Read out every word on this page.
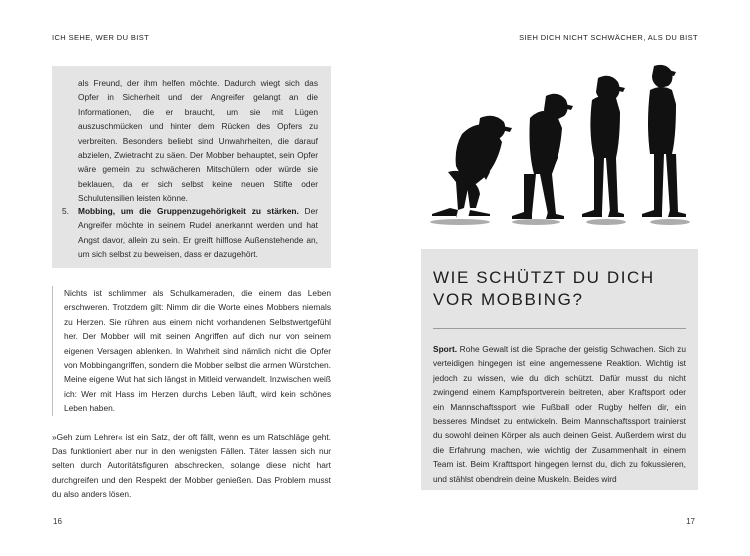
ICH SEHE, WER DU BIST	SIEH DICH NICHT SCHWÄCHER, ALS DU BIST
als Freund, der ihm helfen möchte. Dadurch wiegt sich das Opfer in Sicherheit und der Angreifer gelangt an die Informationen, die er braucht, um sie mit Lügen auszuschmücken und hinter dem Rücken des Opfers zu verbreiten. Besonders beliebt sind Unwahrheiten, die darauf abzielen, Zwietracht zu säen. Der Mobber behauptet, sein Opfer wäre gemein zu schwächeren Mitschülern oder würde sie beklauen, da er sich selbst keine neuen Stifte oder Schulutensilien leisten könne.
5.	Mobbing, um die Gruppenzugehörigkeit zu stärken. Der Angreifer möchte in seinem Rudel anerkannt werden und hat Angst davor, allein zu sein. Er greift hilflose Außenstehende an, um sich selbst zu beweisen, dass er dazugehört.
Nichts ist schlimmer als Schulkameraden, die einem das Leben erschweren. Trotzdem gilt: Nimm dir die Worte eines Mobbers niemals zu Herzen. Sie rühren aus einem nicht vorhandenen Selbstwertgefühl her. Der Mobber will mit seinen Angriffen auf dich nur von seinem eigenen Versagen ablenken. In Wahrheit sind nämlich nicht die Opfer von Mobbingangriffen, sondern die Mobber selbst die armen Würstchen. Meine eigene Wut hat sich längst in Mitleid verwandelt. Inzwischen weiß ich: Wer mit Hass im Herzen durchs Leben läuft, wird kein schönes Leben haben.
»Geh zum Lehrer« ist ein Satz, der oft fällt, wenn es um Ratschläge geht. Das funktioniert aber nur in den wenigsten Fällen. Täter lassen sich nur selten durch Autoritätsfiguren abschrecken, solange diese nicht hart durchgreifen und den Respekt der Mobber genießen. Das Problem musst du also anders lösen.
16
WIE SCHÜTZT DU DICH VOR MOBBING?
Sport. Rohe Gewalt ist die Sprache der geistig Schwachen. Sich zu verteidigen hingegen ist eine angemessene Reaktion. Wichtig ist jedoch zu wissen, wie du dich schützt. Dafür musst du nicht zwingend einem Kampfsportverein beitreten, aber Kraftsport oder ein Mannschaftssport wie Fußball oder Rugby helfen dir, ein besseres Mindset zu entwickeln. Beim Mannschaftssport trainierst du sowohl deinen Körper als auch deinen Geist. Außerdem wirst du die Erfahrung machen, wie wichtig der Zusammenhalt in einem Team ist. Beim Krafttsport hingegen lernst du, dich zu fokussieren, und stählst obendrein deine Muskeln. Beides wird
17
